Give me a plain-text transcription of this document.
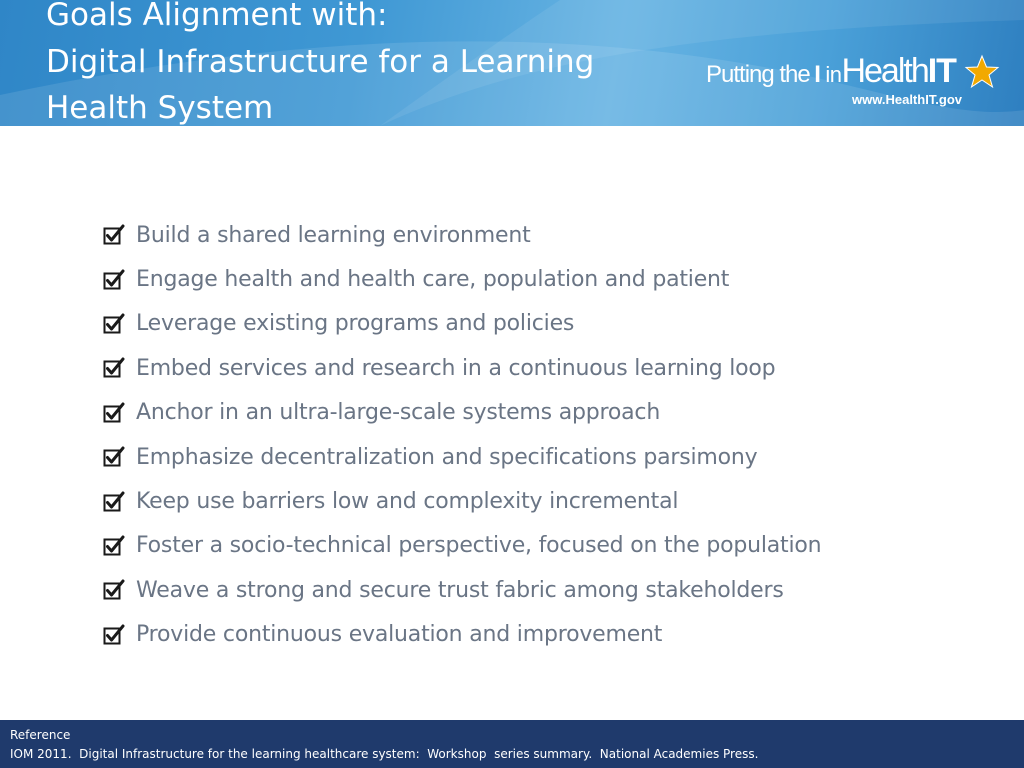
Goals Alignment with:
Digital Infrastructure for a Learning
Health System
Putting the I inHealthIT
www.HealthIT.gov
Build a shared learning environment
Engage health and health care, population and patient
Leverage existing programs and policies
Embed services and research in a continuous learning loop
Anchor in an ultra-large-scale systems approach
Emphasize decentralization and specifications parsimony
Keep use barriers low and complexity incremental
Foster a socio-technical perspective, focused on the population
Weave a strong and secure trust fabric among stakeholders
Provide continuous evaluation and improvement
Reference
IOM 2011.  Digital Infrastructure for the learning healthcare system:  Workshop  series summary.  National Academies Press.
